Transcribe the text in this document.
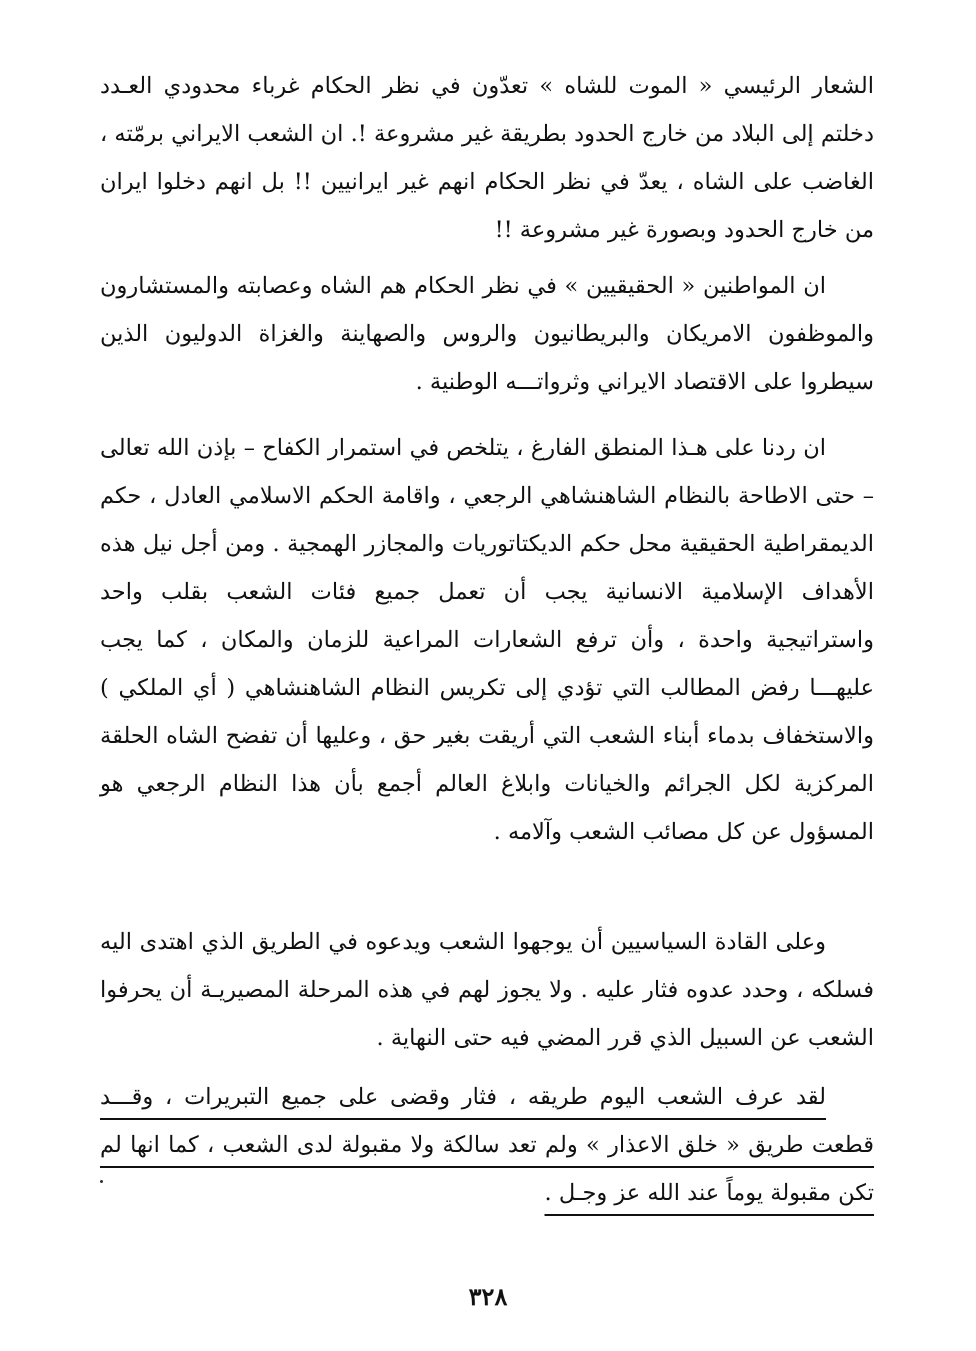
الشعار الرئيسي « الموت للشاه » تعدّون في نظر الحكام غرباء محدودي العـدد دخلتم إلى البلاد من خارج الحدود بطريقة غير مشروعة !. ان الشعب الايراني برمّته ، الغاضب على الشاه ، يعدّ في نظر الحكام انهم غير ايرانيين !! بل انهم دخلوا ايران من خارج الحدود وبصورة غير مشروعة !!

ان المواطنين « الحقيقيين » في نظر الحكام هم الشاه وعصابته والمستشارون والموظفون الامريكان والبريطانيون والروس والصهاينة والغزاة الدوليون الذين سيطروا على الاقتصاد الايراني وثرواتـــه الوطنية .

ان ردنا على هـذا المنطق الفارغ ، يتلخص في استمرار الكفاح – بإذن الله تعالى – حتى الاطاحة بالنظام الشاهنشاهي الرجعي ، واقامة الحكم الاسلامي العادل ، حكم الديمقراطية الحقيقية محل حكم الديكتاتوريات والمجازر الهمجية . ومن أجل نيل هذه الأهداف الإسلامية الانسانية يجب أن تعمل جميع فئات الشعب بقلب واحد واستراتيجية واحدة ، وأن ترفع الشعارات المراعية للزمان والمكان ، كما يجب عليهـــا رفض المطالب التي تؤدي إلى تكريس النظام الشاهنشاهي ( أي الملكي ) والاستخفاف بدماء أبناء الشعب التي أريقت بغير حق ، وعليها أن تفضح الشاه الحلقة المركزية لكل الجرائم والخيانات وابلاغ العالم أجمع بأن هذا النظام الرجعي هو المسؤول عن كل مصائب الشعب وآلامه .

وعلى القادة السياسيين أن يوجهوا الشعب ويدعوه في الطريق الذي اهتدى اليه فسلكه ، وحدد عدوه فثار عليه . ولا يجوز لهم في هذه المرحلة المصيريـة أن يحرفوا الشعب عن السبيل الذي قرر المضي فيه حتى النهاية .

لقد عرف الشعب اليوم طريقه ، فثار وقضى على جميع التبريرات ، وقـــد قطعت طريق « خلق الاعذار » ولم تعد سالكة ولا مقبولة لدى الشعب ، كما انها لم تكن مقبولة يوماً عند الله عز وجـل .

٣٢٨
